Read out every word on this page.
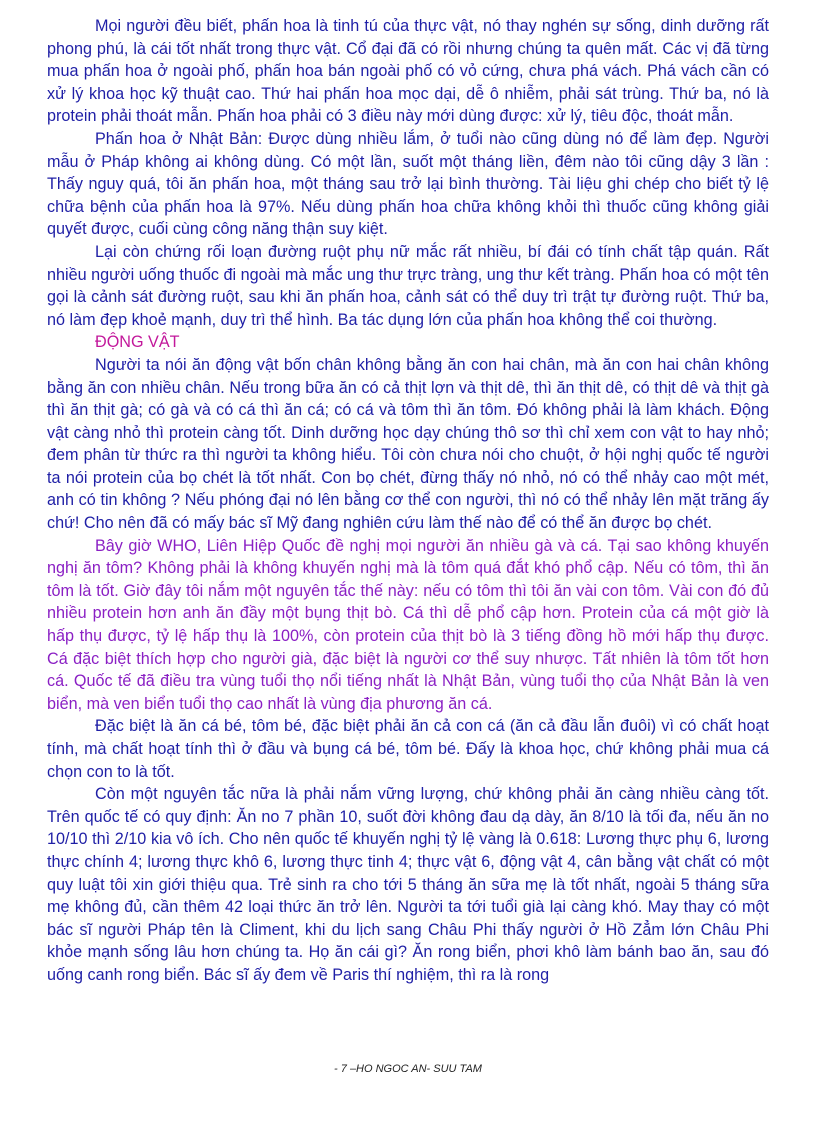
Mọi người đều biết, phấn hoa là tinh tú của thực vật, nó thay nghén sự sống, dinh dưỡng rất phong phú, là cái tốt nhất trong thực vật. Cổ đại đã có rồi nhưng chúng ta quên mất. Các vị đã từng mua phấn hoa ở ngoài phố, phấn hoa bán ngoài phố có vỏ cứng, chưa phá vách. Phá vách cần có xử lý khoa học kỹ thuật cao. Thứ hai phấn hoa mọc dại, dễ ô nhiễm, phải sát trùng. Thứ ba, nó là protein phải thoát mẫn. Phấn hoa phải có 3 điều này mới dùng được: xử lý, tiêu độc, thoát mẫn.

Phấn hoa ở Nhật Bản: Được dùng nhiều lắm, ở tuổi nào cũng dùng nó để làm đẹp. Người mẫu ở Pháp không ai không dùng. Có một lần, suốt một tháng liền, đêm nào tôi cũng dậy 3 lần : Thấy nguy quá, tôi ăn phấn hoa, một tháng sau trở lại bình thường. Tài liệu ghi chép cho biết tỷ lệ chữa bệnh của phấn hoa là 97%. Nếu dùng phấn hoa chữa không khỏi thì thuốc cũng không giải quyết được, cuối cùng công năng thận suy kiệt.

Lại còn chứng rối loạn đường ruột phụ nữ mắc rất nhiều, bí đái có tính chất tập quán. Rất nhiều người uống thuốc đi ngoài mà mắc ung thư trực tràng, ung thư kết tràng. Phấn hoa có một tên gọi là cảnh sát đường ruột, sau khi ăn phấn hoa, cảnh sát có thể duy trì trật tự đường ruột. Thứ ba, nó làm đẹp khoẻ mạnh, duy trì thể hình. Ba tác dụng lớn của phấn hoa không thể coi thường.

ĐỘNG VẬT

Người ta nói ăn động vật bốn chân không bằng ăn con hai chân, mà ăn con hai chân không bằng ăn con nhiều chân. Nếu trong bữa ăn có cả thịt lợn và thịt dê, thì ăn thịt dê, có thịt dê và thịt gà thì ăn thịt gà; có gà và có cá thì ăn cá; có cá và tôm thì ăn tôm. Đó không phải là làm khách. Động vật càng nhỏ thì protein càng tốt. Dinh dưỡng học dạy chúng thô sơ thì chỉ xem con vật to hay nhỏ; đem phân từ thức ra thì người ta không hiểu. Tôi còn chưa nói cho chuột, ở hội nghị quốc tế người ta nói protein của bọ chét là tốt nhất. Con bọ chét, đừng thấy nó nhỏ, nó có thể nhảy cao một mét, anh có tin không ? Nếu phóng đại nó lên bằng cơ thể con người, thì nó có thể nhảy lên mặt trăng ấy chứ! Cho nên đã có mấy bác sĩ Mỹ đang nghiên cứu làm thế nào để có thể ăn được bọ chét.

Bây giờ WHO, Liên Hiệp Quốc đề nghị mọi người ăn nhiều gà và cá. Tại sao không khuyến nghị ăn tôm? Không phải là không khuyến nghị mà là tôm quá đắt khó phổ cập. Nếu có tôm, thì ăn tôm là tốt. Giờ đây tôi nắm một nguyên tắc thế này: nếu có tôm thì tôi ăn vài con tôm. Vài con đó đủ nhiều protein hơn anh ăn đầy một bụng thịt bò. Cá thì dễ phổ cập hơn. Protein của cá một giờ là hấp thụ được, tỷ lệ hấp thụ là 100%, còn protein của thịt bò là 3 tiếng đồng hồ mới hấp thụ được. Cá đặc biệt thích hợp cho người già, đặc biệt là người cơ thể suy nhược. Tất nhiên là tôm tốt hơn cá. Quốc tế đã điều tra vùng tuổi thọ nổi tiếng nhất là Nhật Bản, vùng tuổi thọ của Nhật Bản là ven biển, mà ven biển tuổi thọ cao nhất là vùng địa phương ăn cá.

Đặc biệt là ăn cá bé, tôm bé, đặc biệt phải ăn cả con cá (ăn cả đầu lẫn đuôi) vì có chất hoạt tính, mà chất hoạt tính thì ở đầu và bụng cá bé, tôm bé. Đấy là khoa học, chứ không phải mua cá chọn con to là tốt.

Còn một nguyên tắc nữa là phải nắm vững lượng, chứ không phải ăn càng nhiều càng tốt. Trên quốc tế có quy định: Ăn no 7 phần 10, suốt đời không đau dạ dày, ăn 8/10 là tối đa, nếu ăn no 10/10 thì 2/10 kia vô ích. Cho nên quốc tế khuyến nghị tỷ lệ vàng là 0.618: Lương thực phụ 6, lương thực chính 4; lương thực khô 6, lương thực tinh 4; thực vật 6, động vật 4, cân bằng vật chất có một quy luật tôi xin giới thiệu qua. Trẻ sinh ra cho tới 5 tháng ăn sữa mẹ là tốt nhất, ngoài 5 tháng sữa mẹ không đủ, cần thêm 42 loại thức ăn trở lên. Người ta tới tuổi già lại càng khó. May thay có một bác sĩ người Pháp tên là Climent, khi du lịch sang Châu Phi thấy người ở Hồ Zẳm lớn Châu Phi khỏe mạnh sống lâu hơn chúng ta. Họ ăn cái gì? Ăn rong biển, phơi khô làm bánh bao ăn, sau đó uống canh rong biển. Bác sĩ ấy đem về Paris thí nghiệm, thì ra là rong

- 7 –HO NGOC AN- SUU TAM
